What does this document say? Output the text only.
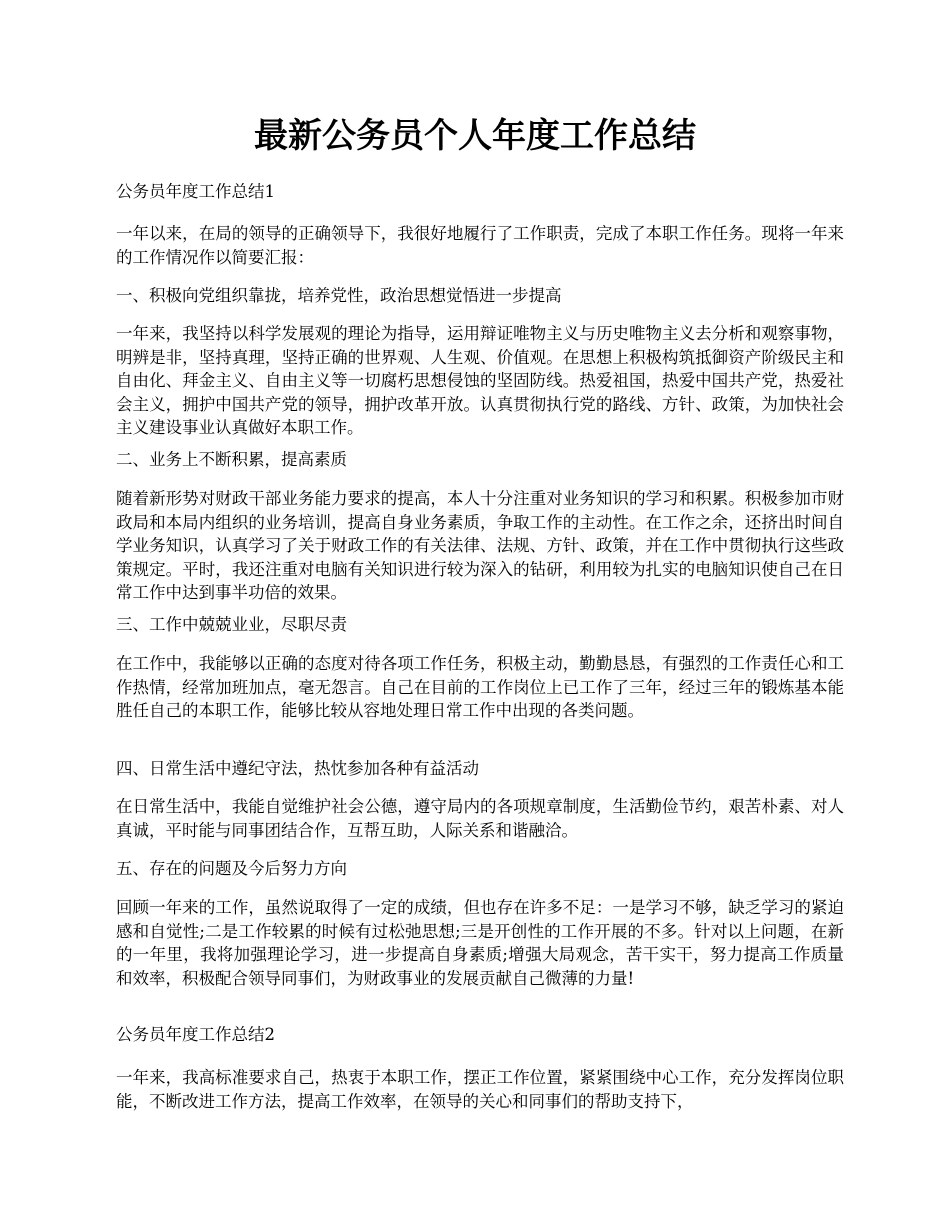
最新公务员个人年度工作总结

公务员年度工作总结1

一年以来，在局的领导的正确领导下，我很好地履行了工作职责，完成了本职工作任务。现将一年来的工作情况作以简要汇报：

一、积极向党组织靠拢，培养党性，政治思想觉悟进一步提高

一年来，我坚持以科学发展观的理论为指导，运用辩证唯物主义与历史唯物主义去分析和观察事物，明辨是非，坚持真理，坚持正确的世界观、人生观、价值观。在思想上积极构筑抵御资产阶级民主和自由化、拜金主义、自由主义等一切腐朽思想侵蚀的坚固防线。热爱祖国，热爱中国共产党，热爱社会主义，拥护中国共产党的领导，拥护改革开放。认真贯彻执行党的路线、方针、政策，为加快社会主义建设事业认真做好本职工作。

二、业务上不断积累，提高素质

随着新形势对财政干部业务能力要求的提高，本人十分注重对业务知识的学习和积累。积极参加市财政局和本局内组织的业务培训，提高自身业务素质，争取工作的主动性。在工作之余，还挤出时间自学业务知识，认真学习了关于财政工作的有关法律、法规、方针、政策，并在工作中贯彻执行这些政策规定。平时，我还注重对电脑有关知识进行较为深入的钻研，利用较为扎实的电脑知识使自己在日常工作中达到事半功倍的效果。

三、工作中兢兢业业，尽职尽责

在工作中，我能够以正确的态度对待各项工作任务，积极主动，勤勤恳恳，有强烈的工作责任心和工作热情，经常加班加点，毫无怨言。自己在目前的工作岗位上已工作了三年，经过三年的锻炼基本能胜任自己的本职工作，能够比较从容地处理日常工作中出现的各类问题。

四、日常生活中遵纪守法，热忱参加各种有益活动

在日常生活中，我能自觉维护社会公德，遵守局内的各项规章制度，生活勤俭节约，艰苦朴素、对人真诚，平时能与同事团结合作，互帮互助，人际关系和谐融洽。

五、存在的问题及今后努力方向

回顾一年来的工作，虽然说取得了一定的成绩，但也存在许多不足：一是学习不够，缺乏学习的紧迫感和自觉性;二是工作较累的时候有过松弛思想;三是开创性的工作开展的不多。针对以上问题，在新的一年里，我将加强理论学习，进一步提高自身素质;增强大局观念，苦干实干，努力提高工作质量和效率，积极配合领导同事们，为财政事业的发展贡献自己微薄的力量!

公务员年度工作总结2

一年来，我高标准要求自己，热衷于本职工作，摆正工作位置，紧紧围绕中心工作，充分发挥岗位职能，不断改进工作方法，提高工作效率，在领导的关心和同事们的帮助支持下，
